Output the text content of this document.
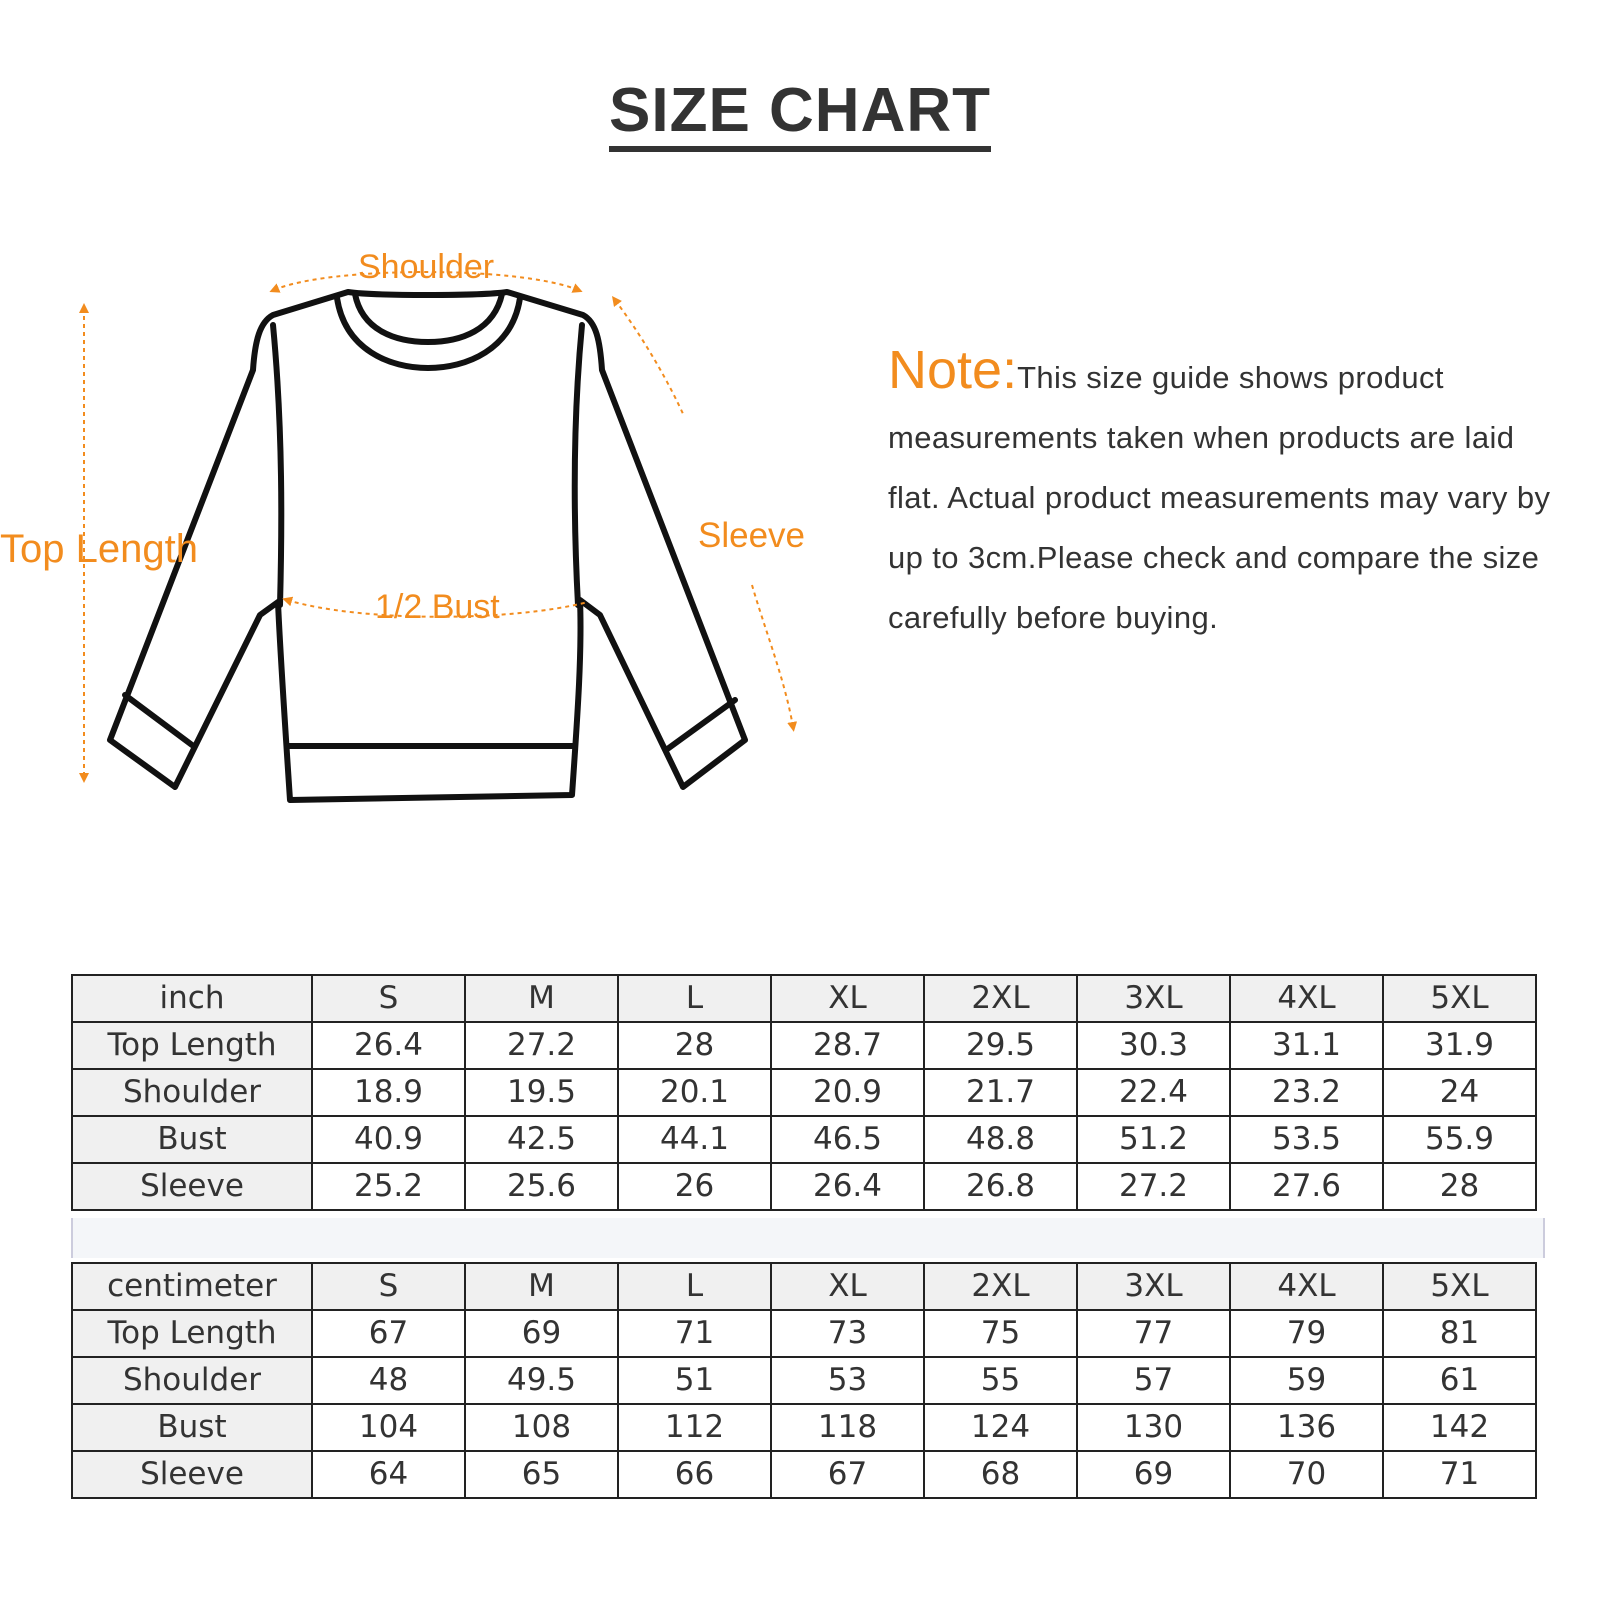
SIZE CHART
Shoulder
Top Length	Sleeve
1/2 Bust
Note:This size guide shows product measurements taken when products are laid flat. Actual product measurements may vary by up to 3cm.Please check and compare the size carefully before buying.
inch	S	M	L	XL	2XL	3XL	4XL	5XL
Top Length	26.4	27.2	28	28.7	29.5	30.3	31.1	31.9
Shoulder	18.9	19.5	20.1	20.9	21.7	22.4	23.2	24
Bust	40.9	42.5	44.1	46.5	48.8	51.2	53.5	55.9
Sleeve	25.2	25.6	26	26.4	26.8	27.2	27.6	28
centimeter	S	M	L	XL	2XL	3XL	4XL	5XL
Top Length	67	69	71	73	75	77	79	81
Shoulder	48	49.5	51	53	55	57	59	61
Bust	104	108	112	118	124	130	136	142
Sleeve	64	65	66	67	68	69	70	71
